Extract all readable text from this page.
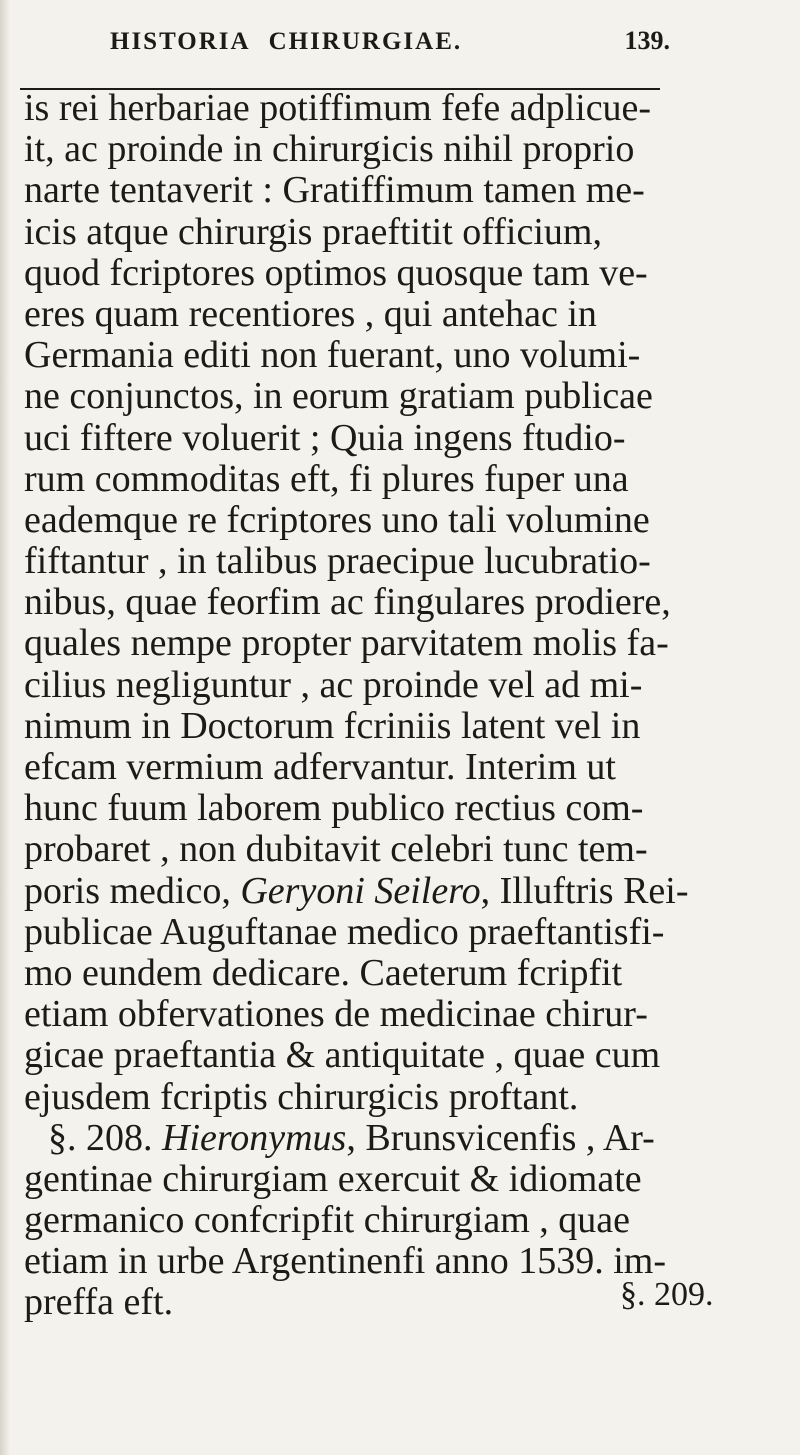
HISTORIA CHIRURGIAE.	139.
is rei herbariae potiffimum fefe adplicue-
it, ac proinde in chirurgicis nihil proprio
narte tentaverit : Gratiffimum tamen me-
icis atque chirurgis praeftitit officium,
quod fcriptores optimos quosque tam ve-
eres quam recentiores , qui antehac in
Germania editi non fuerant, uno volumi-
ne conjunctos, in eorum gratiam publicae
uci fiftere voluerit ; Quia ingens ftudio-
rum commoditas eft, fi plures fuper una
eademque re fcriptores uno tali volumine
fiftantur , in talibus praecipue lucubratio-
nibus, quae feorfim ac fingulares prodiere,
quales nempe propter parvitatem molis fa-
cilius negliguntur , ac proinde vel ad mi-
nimum in Doctorum fcriniis latent vel in
efcam vermium adfervantur. Interim ut
hunc fuum laborem publico rectius com-
probaret , non dubitavit celebri tunc tem-
poris medico, Geryoni Seilero, Illuftris Rei-
publicae Auguftanae medico praeftantisfi-
mo eundem dedicare. Caeterum fcripfit
etiam obfervationes de medicinae chirur-
gicae praeftantia & antiquitate , quae cum
ejusdem fcriptis chirurgicis proftant.
§. 208. Hieronymus, Brunsvicenfis , Ar-
gentinae chirurgiam exercuit & idiomate
germanico confcripfit chirurgiam , quae
etiam in urbe Argentinenfi anno 1539. im-
preffa eft.	§. 209.
